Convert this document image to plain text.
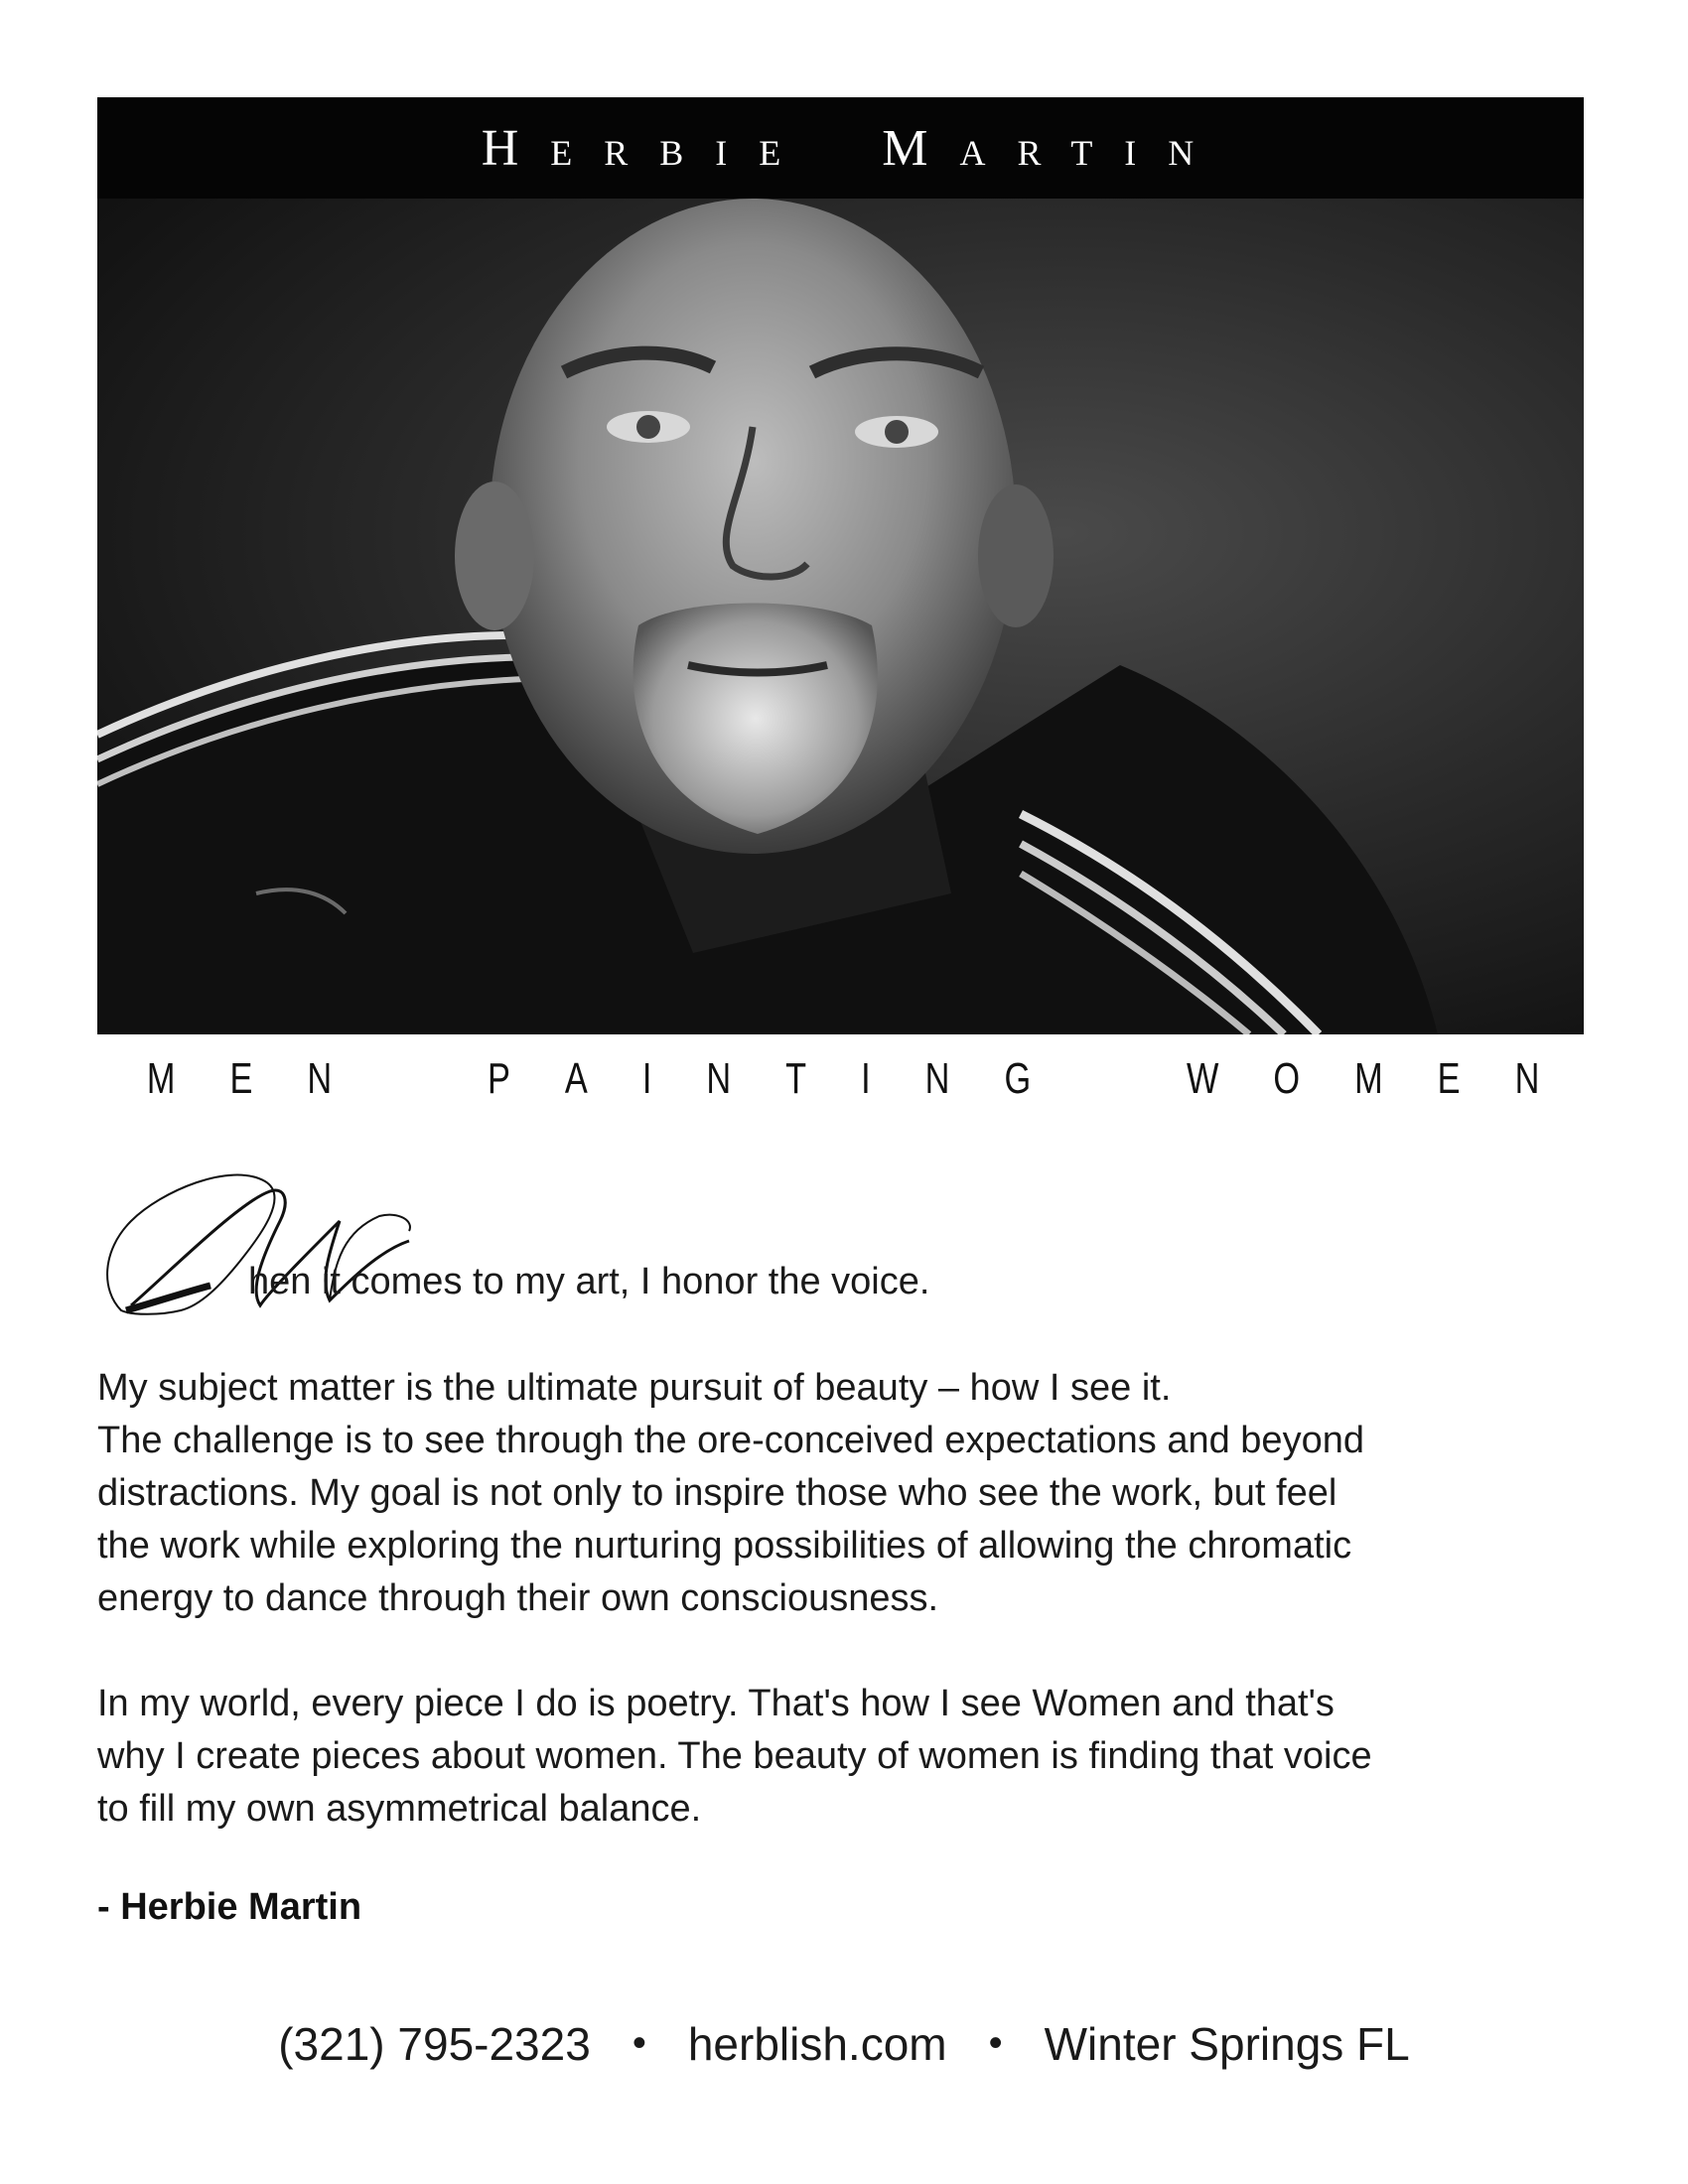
Herbie Martin
M E N	P A I N T I N G	W O M E N
hen it comes to my art, I honor the voice.

My subject matter is the ultimate pursuit of beauty – how I see it.

The challenge is to see through the ore-conceived expectations and beyond

distractions. My goal is not only to inspire those who see the work, but feel

the work while exploring the nurturing possibilities of allowing the chromatic

energy to dance through their own consciousness.

In my world, every piece I do is poetry. That's how I see Women and that's

why I create pieces about women. The beauty of women is finding that voice

to fill my own asymmetrical balance.

- Herbie Martin
(321) 795-2323 • herblish.com • Winter Springs FL
